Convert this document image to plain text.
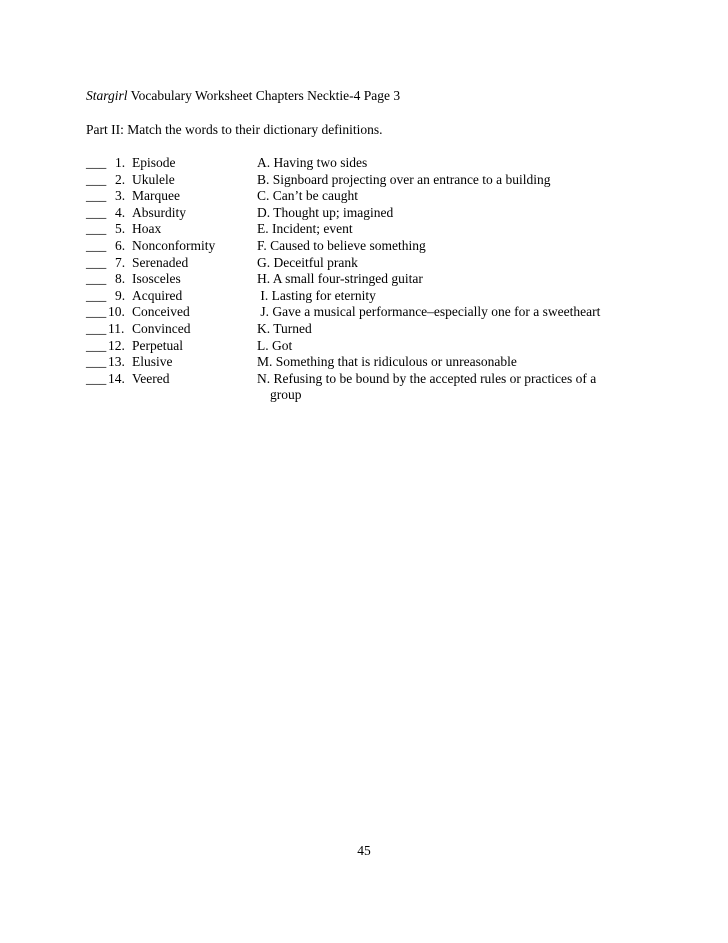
Stargirl Vocabulary Worksheet Chapters Necktie-4 Page 3
Part II: Match the words to their dictionary definitions.
___ 1. Episode	A. Having two sides
___ 2. Ukulele	B. Signboard projecting over an entrance to a building
___ 3. Marquee	C. Can’t be caught
___ 4. Absurdity	D. Thought up; imagined
___ 5. Hoax	E. Incident; event
___ 6. Nonconformity	F. Caused to believe something
___ 7. Serenaded	G. Deceitful prank
___ 8. Isosceles	H. A small four-stringed guitar
___ 9. Acquired	I. Lasting for eternity
___ 10. Conceived	J. Gave a musical performance–especially one for a sweetheart
___ 11. Convinced	K. Turned
___ 12. Perpetual	L. Got
___ 13. Elusive	M. Something that is ridiculous or unreasonable
___ 14. Veered	N. Refusing to be bound by the accepted rules or practices of a
group
45
